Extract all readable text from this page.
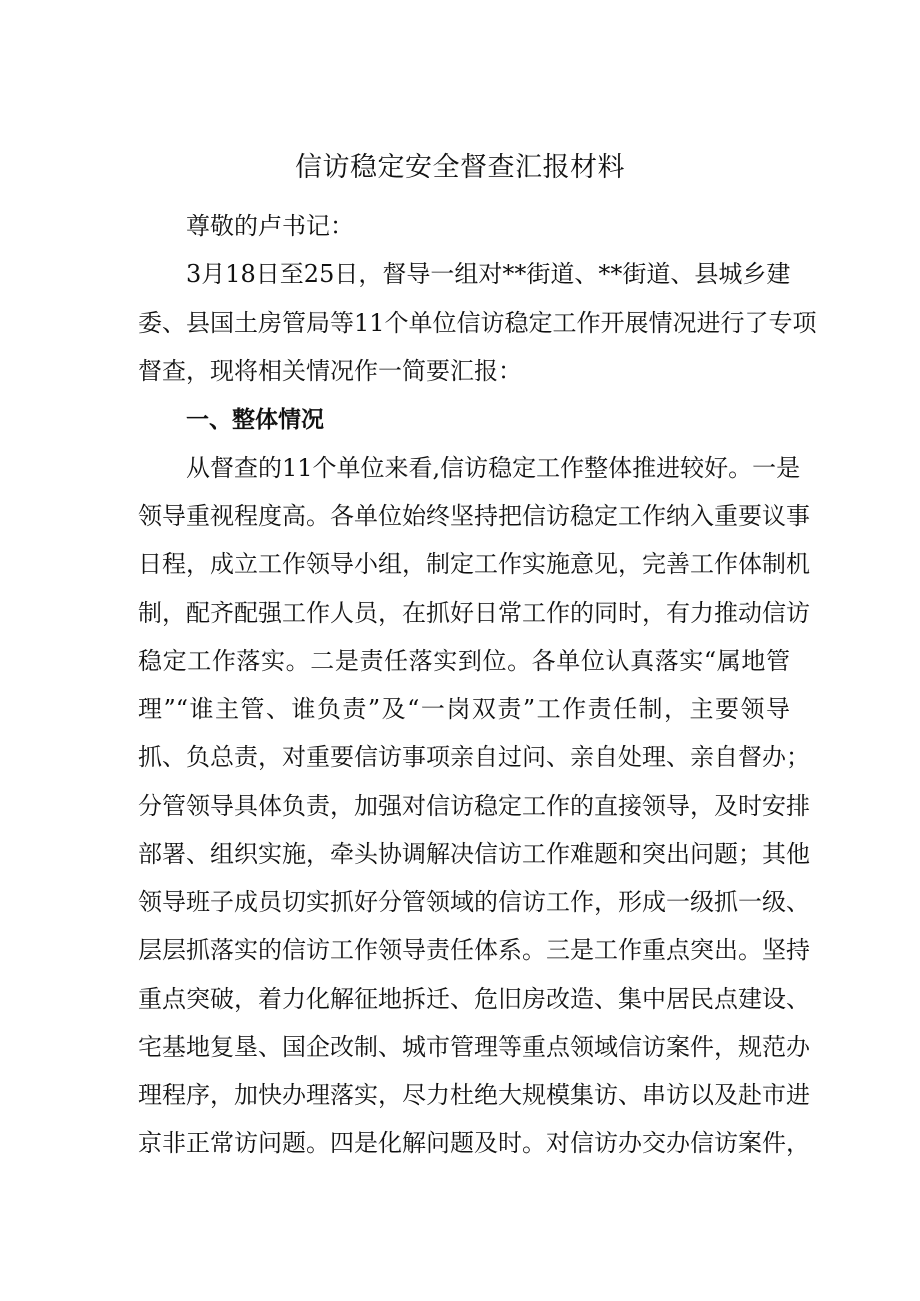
信访稳定安全督查汇报材料

尊敬的卢书记：

3月18日至25日，督导一组对**街道、**街道、县城乡建

委、县国土房管局等11个单位信访稳定工作开展情况进行了专项

督查，现将相关情况作一简要汇报：

一、整体情况

从督查的11个单位来看,信访稳定工作整体推进较好。一是

领导重视程度高。各单位始终坚持把信访稳定工作纳入重要议事

日程，成立工作领导小组，制定工作实施意见，完善工作体制机

制，配齐配强工作人员，在抓好日常工作的同时，有力推动信访

稳定工作落实。二是责任落实到位。各单位认真落实“属地管

理”“谁主管、谁负责”及“一岗双责”工作责任制，主要领导

抓、负总责，对重要信访事项亲自过问、亲自处理、亲自督办；

分管领导具体负责，加强对信访稳定工作的直接领导，及时安排

部署、组织实施，牵头协调解决信访工作难题和突出问题；其他

领导班子成员切实抓好分管领域的信访工作，形成一级抓一级、

层层抓落实的信访工作领导责任体系。三是工作重点突出。坚持

重点突破，着力化解征地拆迁、危旧房改造、集中居民点建设、

宅基地复垦、国企改制、城市管理等重点领域信访案件，规范办

理程序，加快办理落实，尽力杜绝大规模集访、串访以及赴市进

京非正常访问题。四是化解问题及时。对信访办交办信访案件，
